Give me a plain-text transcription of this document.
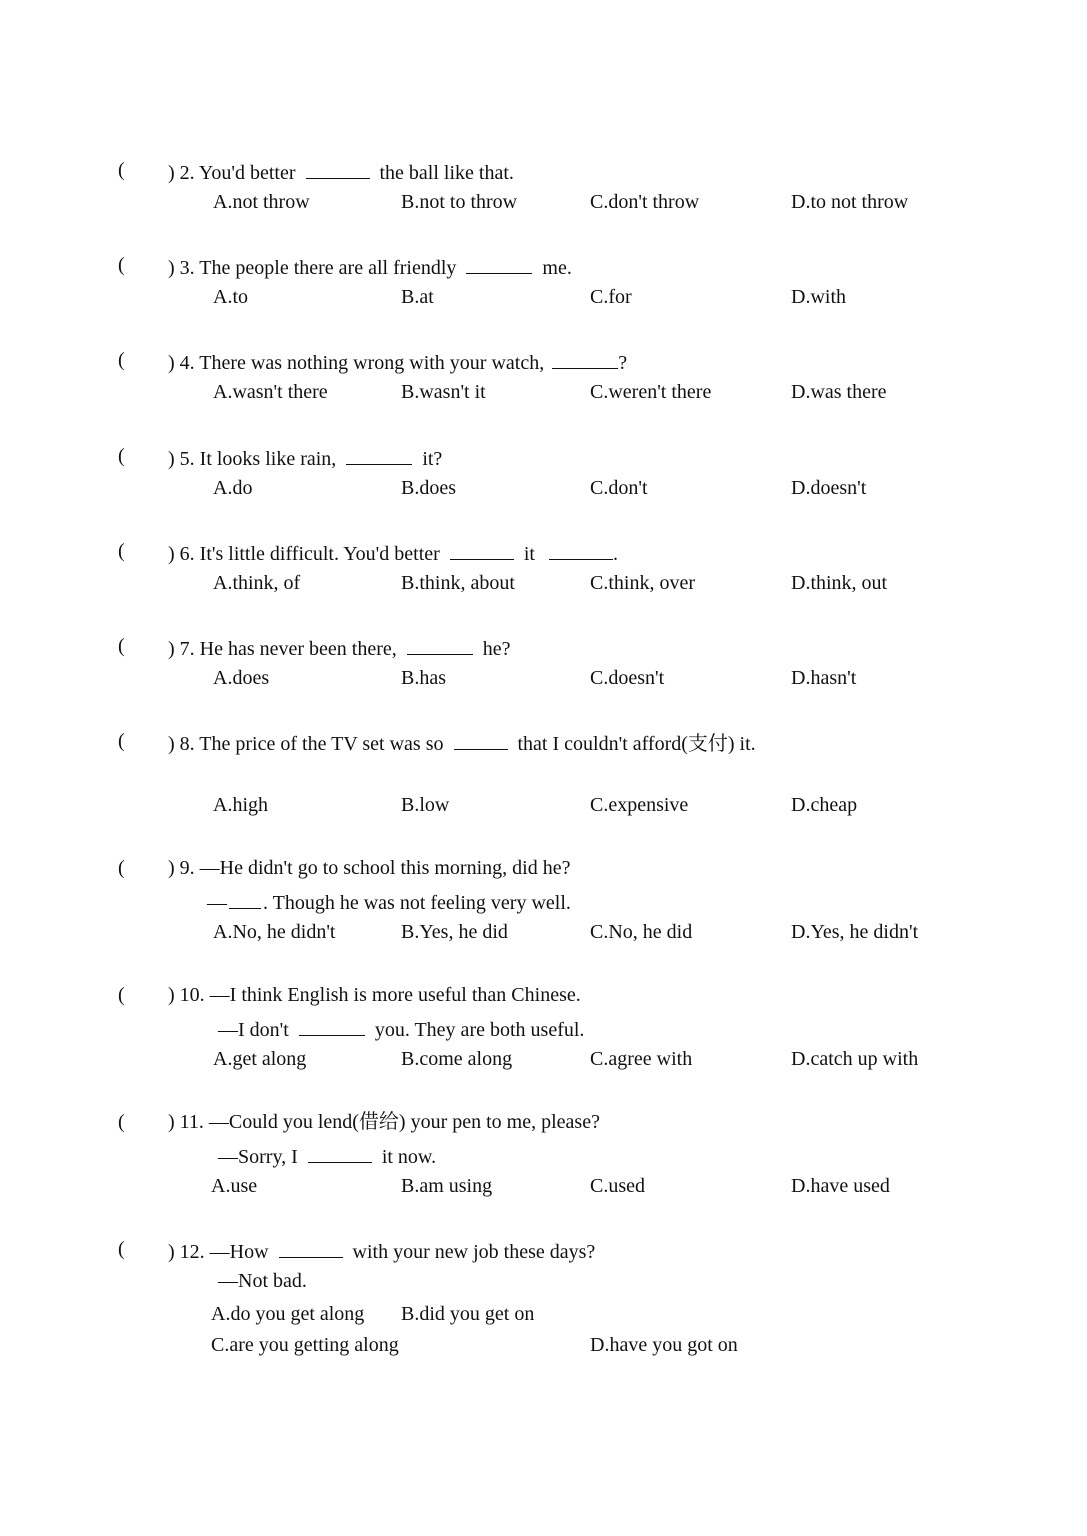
( ) 2. You'd better	the ball like that.
A.not throw	B.not to throw	C.don't throw	D.to not throw
( ) 3. The people there are all friendly	me.
A.to	B.at	C.for	D.with
( ) 4. There was nothing wrong with your watch,	?
A.wasn't there	B.wasn't it	C.weren't there	D.was there
( ) 5. It looks like rain,	it?
A.do	B.does	C.don't	D.doesn't
( ) 6. It's little difficult. You'd better	it	.
A.think, of	B.think, about	C.think, over	D.think, out
( ) 7. He has never been there,	he?
A.does	B.has	C.doesn't	D.hasn't
( ) 8. The price of the TV set was so	that I couldn't afford(支付) it.
A.high	B.low	C.expensive	D.cheap
( ) 9. —He didn't go to school this morning, did he?
— . Though he was not feeling very well.
A.No, he didn't	B.Yes, he did	C.No, he did	D.Yes, he didn't
( ) 10. —I think English is more useful than Chinese.
—I don't	you. They are both useful.
A.get along	B.come along	C.agree with	D.catch up with
( ) 11. —Could you lend(借给) your pen to me, please?
—Sorry, I	it now.
A.use	B.am using	C.used	D.have used
( ) 12. —How	with your new job these days?
—Not bad.
A.do you get along B.did you get on
C.are you getting along	D.have you got on
